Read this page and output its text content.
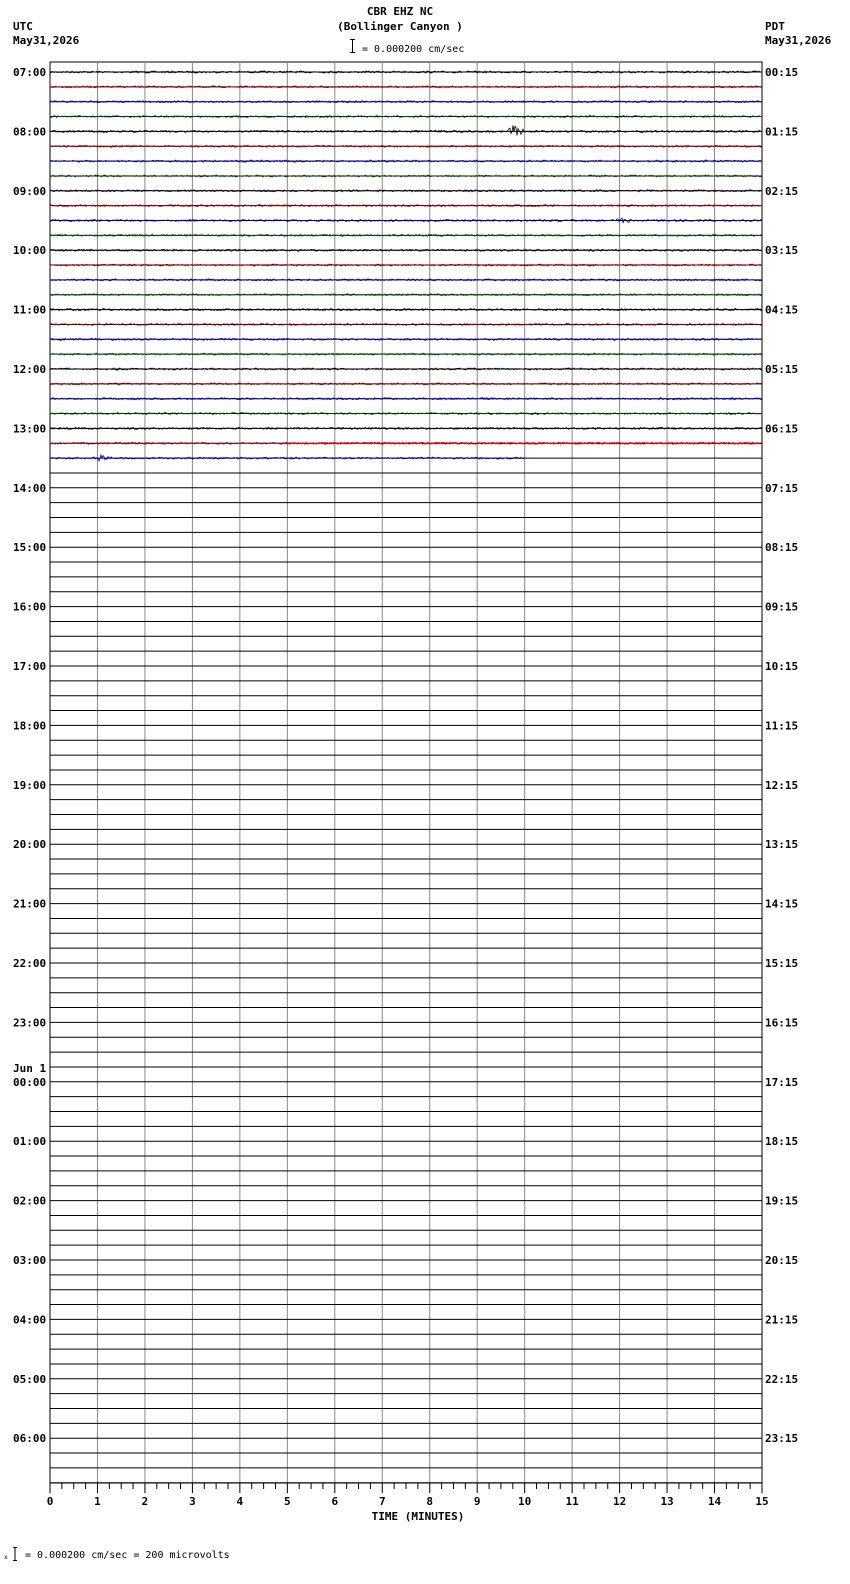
CBR EHZ NC
(Bollinger Canyon )
= 0.000200 cm/sec
UTC
May31,2026
PDT
May31,2026
07:00
08:00
09:00
10:00
11:00
12:00
13:00
14:00
15:00
16:00
17:00
18:00
19:00
20:00
21:00
22:00
23:00
00:00
01:00
02:00
03:00
04:00
05:00
06:00
Jun 1
00:15
01:15
02:15
03:15
04:15
05:15
06:15
07:15
08:15
09:15
10:15
11:15
12:15
13:15
14:15
15:15
16:15
17:15
18:15
19:15
20:15
21:15
22:15
23:15
0	1	2	3	4	5	6	7	8	9	10	11	12	13	14	15
TIME (MINUTES)
x = 0.000200 cm/sec = 200 microvolts
